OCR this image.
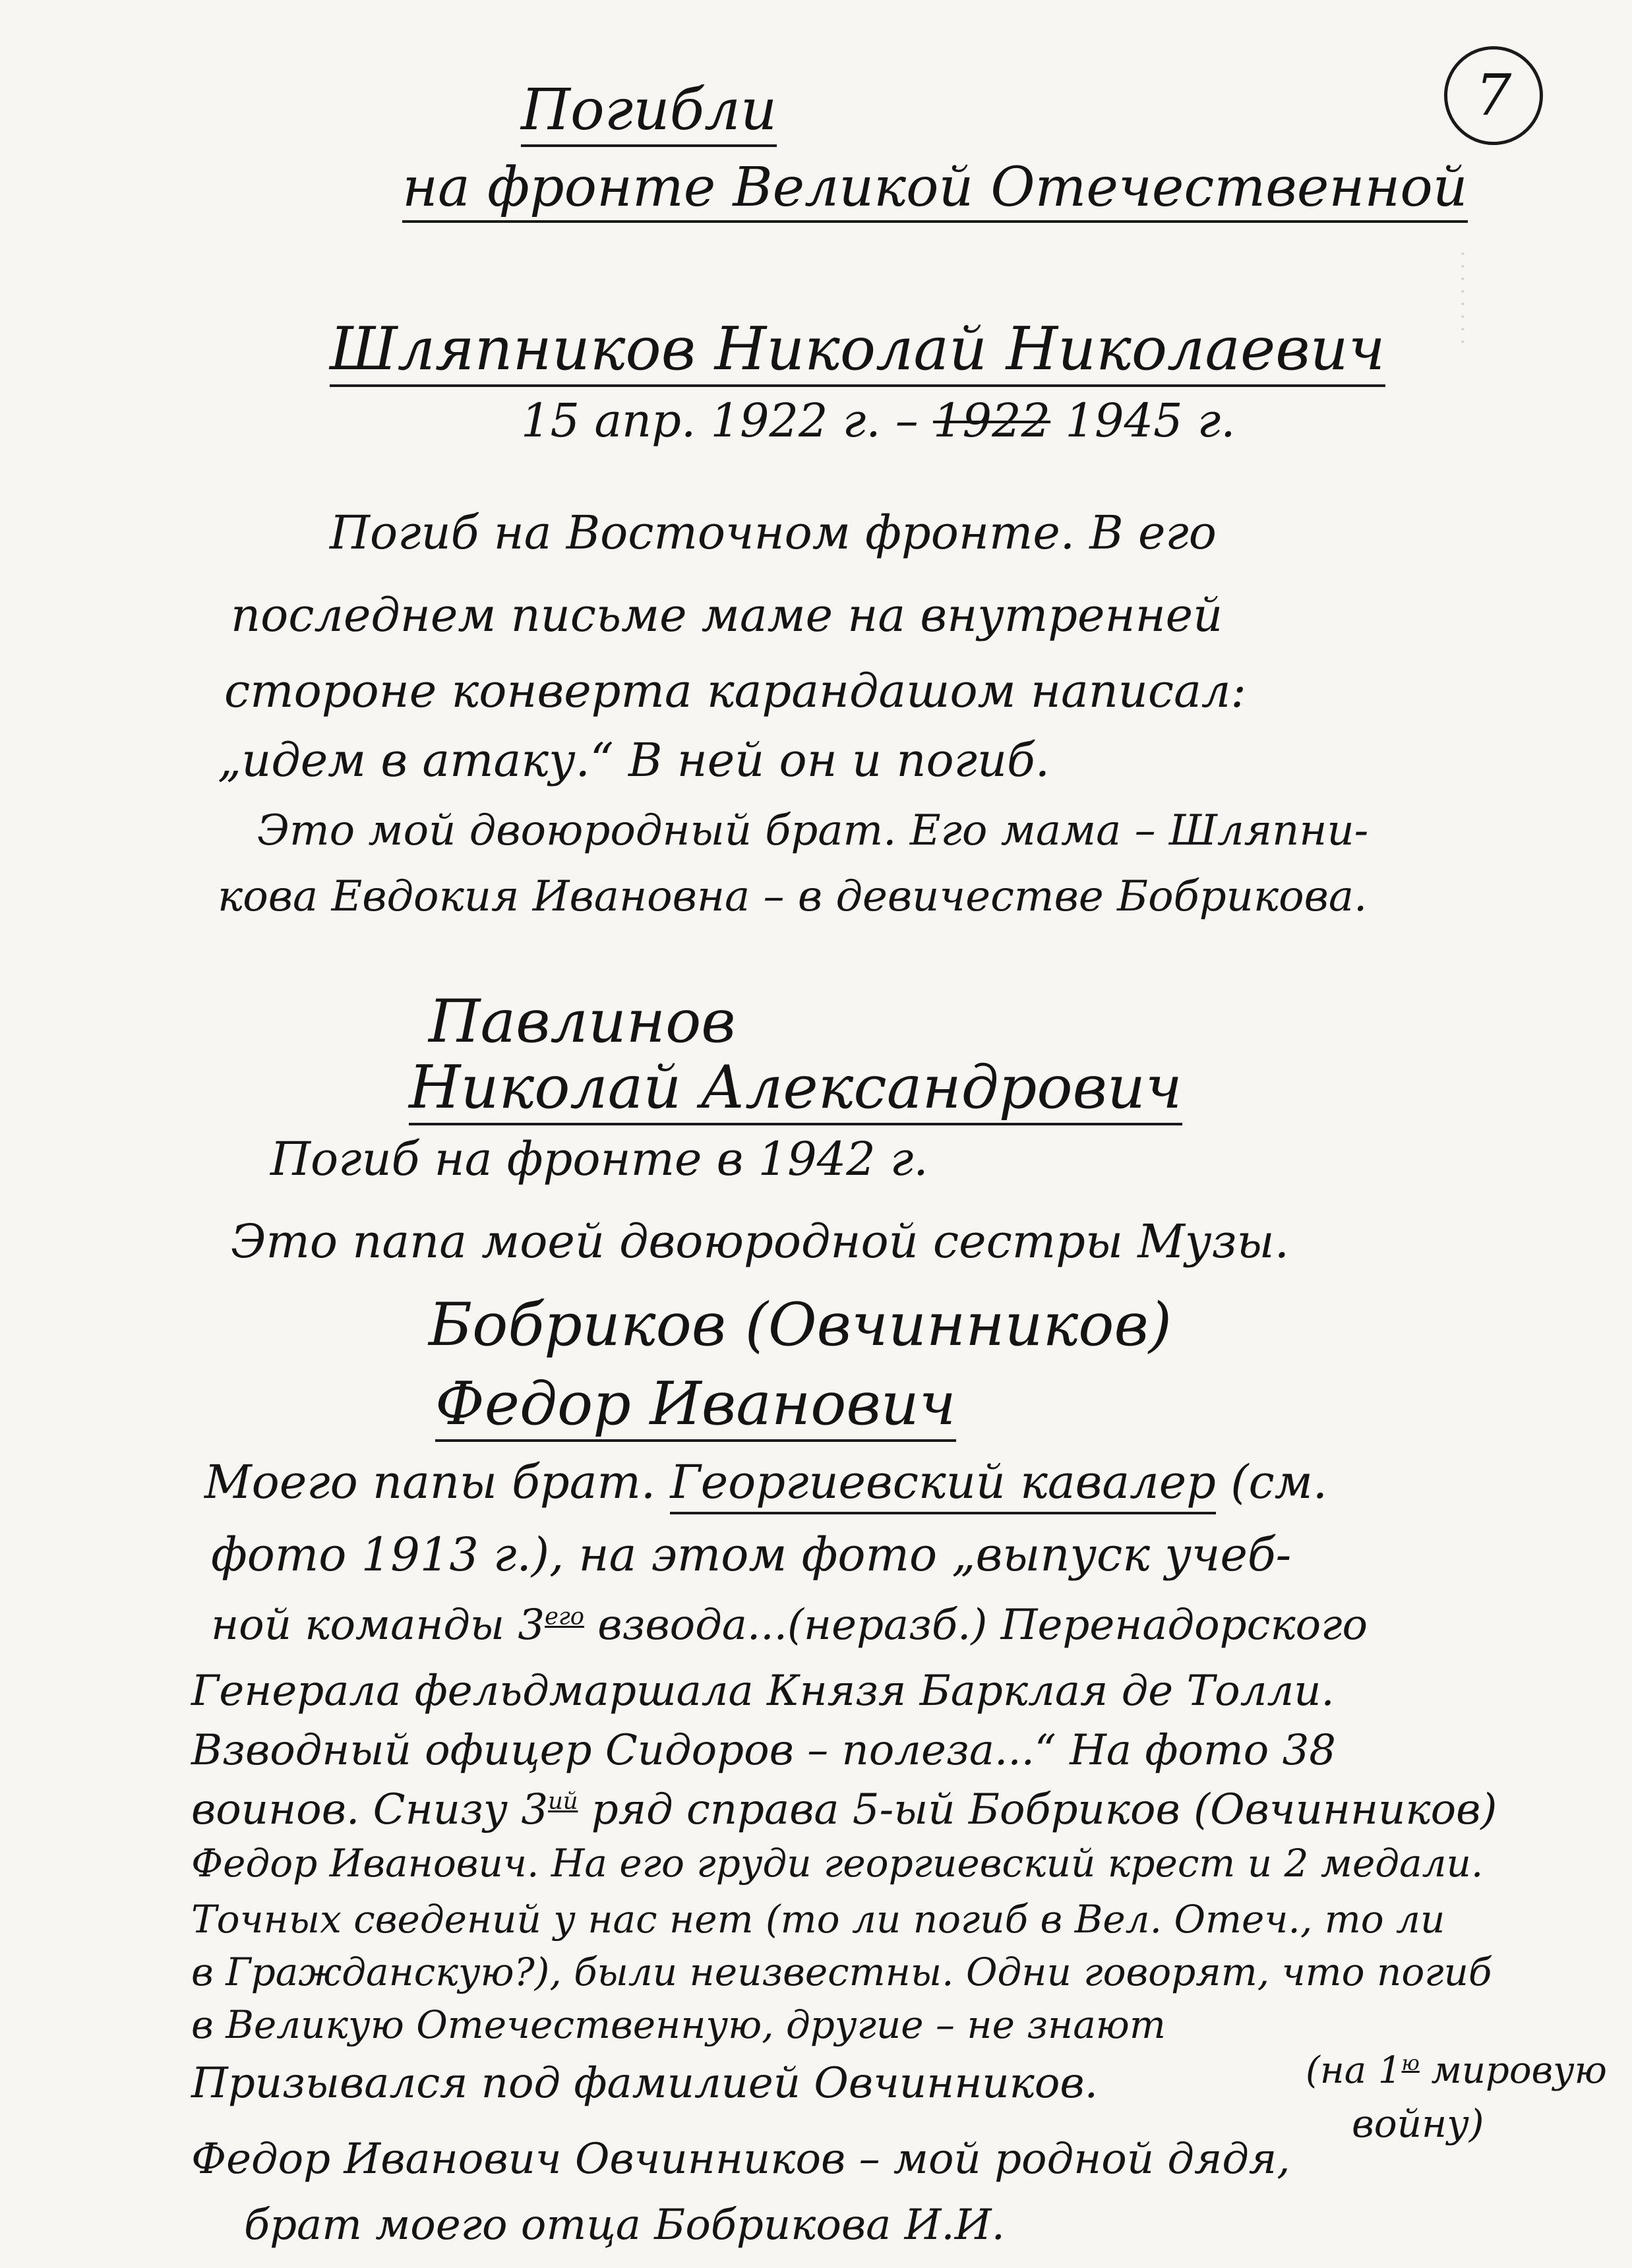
· · · · · · · ·
7
Погибли
на фронте Великой Отечественной
Шляпников Николай Николаевич
15 апр. 1922 г. – 1922 1945 г.
Погиб на Восточном фронте. В его
последнем письме маме на внутренней
стороне конверта карандашом написал:
„идем в атаку.“ В ней он и погиб.
Это мой двоюродный брат. Его мама – Шляпни-
кова Евдокия Ивановна – в девичестве Бобрикова.
Павлинов
Николай Александрович
Погиб на фронте в 1942 г.
Это папа моей двоюродной сестры Музы.
Бобриков (Овчинников)
Федор Иванович
Моего папы брат. Георгиевский кавалер (см.
фото 1913 г.), на этом фото „выпуск учеб-
ной команды $3^{его}$ взвода...(неразб.) Перенадорского
Генерала фельдмаршала Князя Барклая де Толли.
Взводный офицер Сидоров – полеза...“ На фото 38
воинов. Снизу $3^{ий}$ ряд справа 5-ый Бобриков (Овчинников)
Федор Иванович. На его груди георгиевский крест и 2 медали.
Точных сведений у нас нет (то ли погиб в Вел. Отеч., то ли
в Гражданскую?), были неизвестны. Одни говорят, что погиб
в Великую Отечественную, другие – не знают
Призывался под фамилией Овчинников.	(на $1^ю$ мировую
войну)
Федор Иванович Овчинников – мой родной дядя,
брат моего отца Бобрикова И.И.
